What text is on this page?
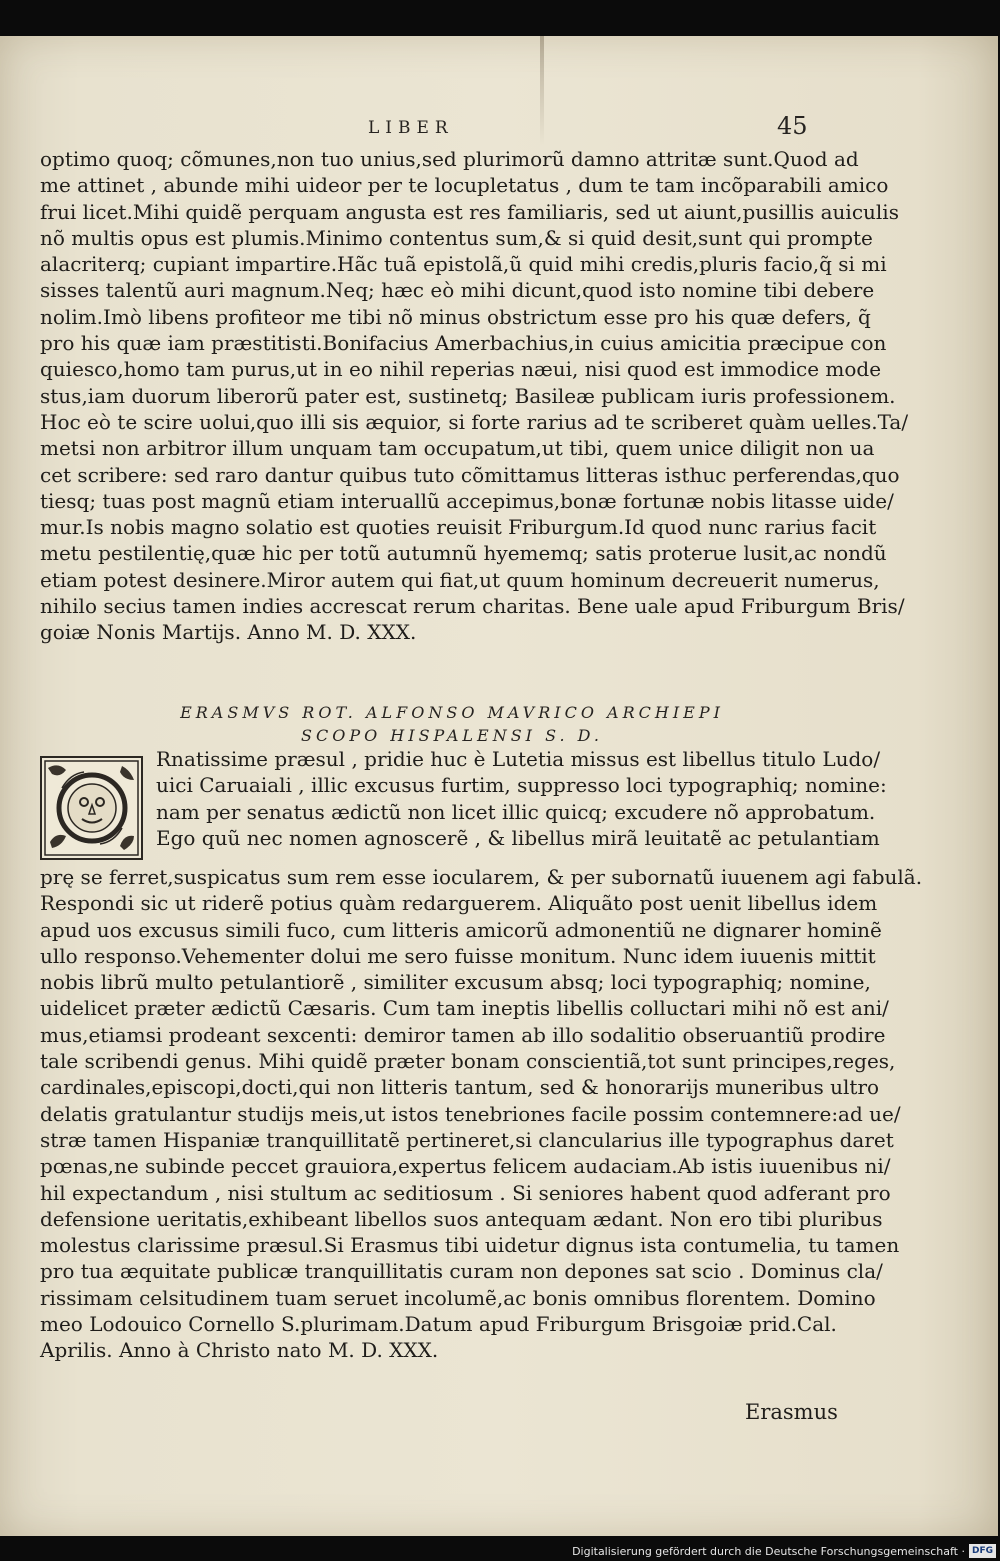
LIBER	45
optimo quoq; cõmunes,non tuo unius,sed plurimorũ damno attritæ sunt.Quod ad
me attinet , abunde mihi uideor per te locupletatus , dum te tam incõparabili amico
frui licet.Mihi quidẽ perquam angusta est res familiaris, sed ut aiunt,pusillis auiculis
nõ multis opus est plumis.Minimo contentus sum,& si quid desit,sunt qui prompte
alacriterq; cupiant impartire.Hãc tuã epistolã,ũ quid mihi credis,pluris facio,q̃ si mi
sisses talentũ auri magnum.Neq; hæc eò mihi dicunt,quod isto nomine tibi debere
nolim.Imò libens profiteor me tibi nõ minus obstrictum esse pro his quæ defers, q̃
pro his quæ iam præstitisti.Bonifacius Amerbachius,in cuius amicitia præcipue con
quiesco,homo tam purus,ut in eo nihil reperias næui, nisi quod est immodice mode
stus,iam duorum liberorũ pater est, sustinetq; Basileæ publicam iuris professionem.
Hoc eò te scire uolui,quo illi sis æquior, si forte rarius ad te scriberet quàm uelles.Ta/
metsi non arbitror illum unquam tam occupatum,ut tibi, quem unice diligit non ua
cet scribere: sed raro dantur quibus tuto cõmittamus litteras isthuc perferendas,quo
tiesq; tuas post magnũ etiam interuallũ accepimus,bonæ fortunæ nobis litasse uide/
mur.Is nobis magno solatio est quoties reuisit Friburgum.Id quod nunc rarius facit
metu pestilentię,quæ hic per totũ autumnũ hyememq; satis proterue lusit,ac nondũ
etiam potest desinere.Miror autem qui fiat,ut quum hominum decreuerit numerus,
nihilo secius tamen indies accrescat rerum charitas. Bene uale apud Friburgum Bris/
goiæ Nonis Martijs. Anno M. D. XXX.
ERASMVS ROT. ALFONSO MAVRICO ARCHIEPI
SCOPO HISPALENSI S. D.
Rnatissime præsul , pridie huc è Lutetia missus est libellus titulo Ludo/
uici Caruaiali , illic excusus furtim, suppresso loci typographiq; nomine:
nam per senatus ædictũ non licet illic quicq; excudere nõ approbatum.
Ego quũ nec nomen agnoscerẽ , & libellus mirã leuitatẽ ac petulantiam
prę se ferret,suspicatus sum rem esse iocularem, & per subornatũ iuuenem agi fabulã.
Respondi sic ut riderẽ potius quàm redarguerem. Aliquãto post uenit libellus idem
apud uos excusus simili fuco, cum litteris amicorũ admonentiũ ne dignarer hominẽ
ullo responso.Vehementer dolui me sero fuisse monitum. Nunc idem iuuenis mittit
nobis librũ multo petulantiorẽ , similiter excusum absq; loci typographiq; nomine,
uidelicet præter ædictũ Cæsaris. Cum tam ineptis libellis colluctari mihi nõ est ani/
mus,etiamsi prodeant sexcenti: demiror tamen ab illo sodalitio obseruantiũ prodire
tale scribendi genus. Mihi quidẽ præter bonam conscientiã,tot sunt principes,reges,
cardinales,episcopi,docti,qui non litteris tantum, sed & honorarijs muneribus ultro
delatis gratulantur studijs meis,ut istos tenebriones facile possim contemnere:ad ue/
stræ tamen Hispaniæ tranquillitatẽ pertineret,si clancularius ille typographus daret
pœnas,ne subinde peccet grauiora,expertus felicem audaciam.Ab istis iuuenibus ni/
hil expectandum , nisi stultum ac seditiosum . Si seniores habent quod adferant pro
defensione ueritatis,exhibeant libellos suos antequam ædant. Non ero tibi pluribus
molestus clarissime præsul.Si Erasmus tibi uidetur dignus ista contumelia, tu tamen
pro tua æquitate publicæ tranquillitatis curam non depones sat scio . Dominus cla/
rissimam celsitudinem tuam seruet incolumẽ,ac bonis omnibus florentem. Domino
meo Lodouico Cornello S.plurimam.Datum apud Friburgum Brisgoiæ prid.Cal.
Aprilis. Anno à Christo nato M. D. XXX.
Erasmus
Digitalisierung gefördert durch die Deutsche Forschungsgemeinschaft · DFG
